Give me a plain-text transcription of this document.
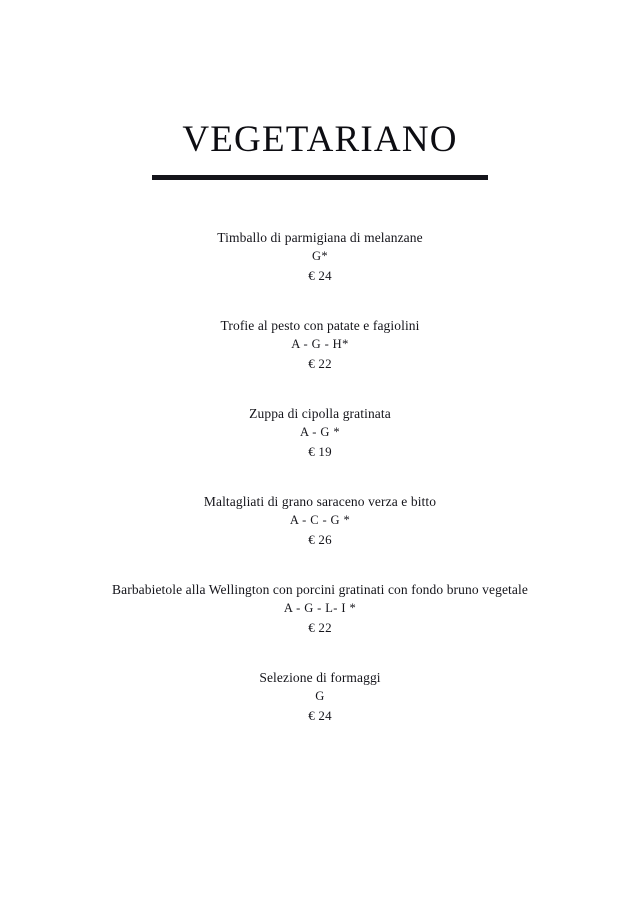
VEGETARIANO
Timballo di parmigiana di melanzane
G*
€ 24
Trofie al pesto con patate e fagiolini
A - G - H*
€ 22
Zuppa di cipolla gratinata
A - G *
€ 19
Maltagliati di grano saraceno verza e bitto
A - C - G *
€ 26
Barbabietole alla Wellington con porcini gratinati con fondo bruno vegetale
A - G - L- I *
€ 22
Selezione di formaggi
G
€ 24
